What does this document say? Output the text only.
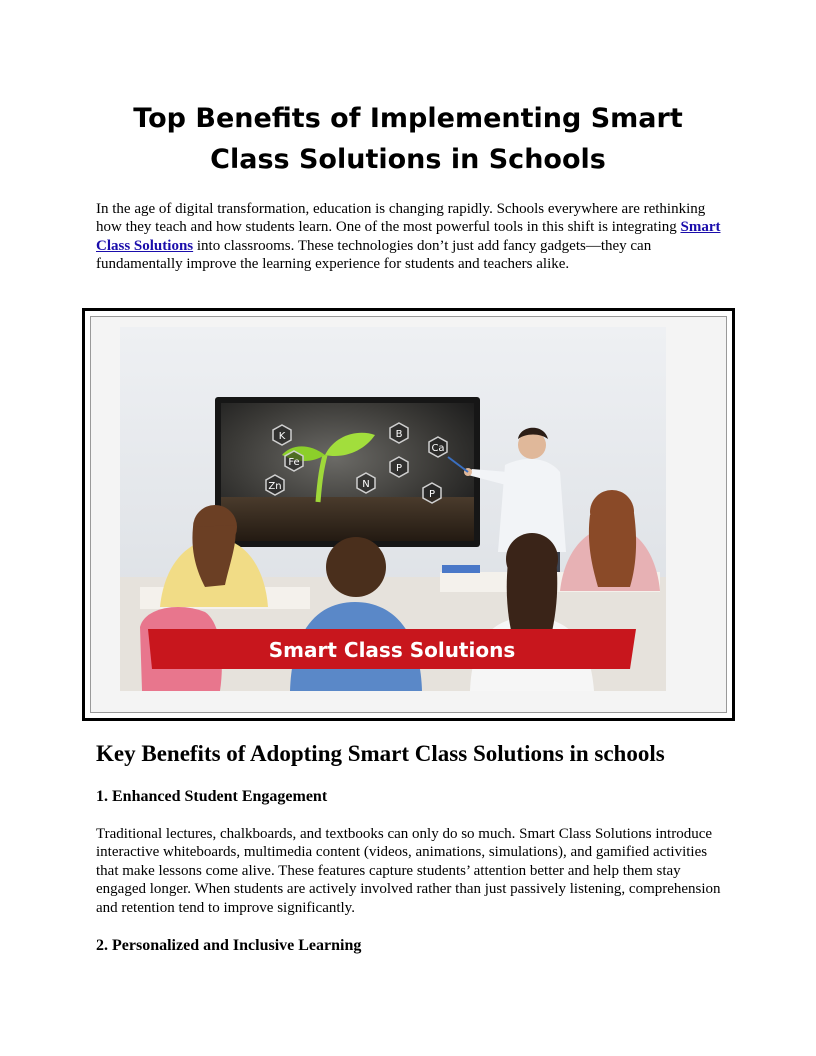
Top Benefits of Implementing Smart Class Solutions in Schools

In the age of digital transformation, education is changing rapidly. Schools everywhere are rethinking how they teach and how students learn. One of the most powerful tools in this shift is integrating Smart Class Solutions into classrooms. These technologies don’t just add fancy gadgets—they can fundamentally improve the learning experience for students and teachers alike.

K
Fe
Zn
B
Ca
P
N
P
Smart Class Solutions
Key Benefits of Adopting Smart Class Solutions in schools
1. Enhanced Student Engagement

Traditional lectures, chalkboards, and textbooks can only do so much. Smart Class Solutions introduce interactive whiteboards, multimedia content (videos, animations, simulations), and gamified activities that make lessons come alive. These features capture students’ attention better and help them stay engaged longer. When students are actively involved rather than just passively listening, comprehension and retention tend to improve significantly.

2. Personalized and Inclusive Learning
